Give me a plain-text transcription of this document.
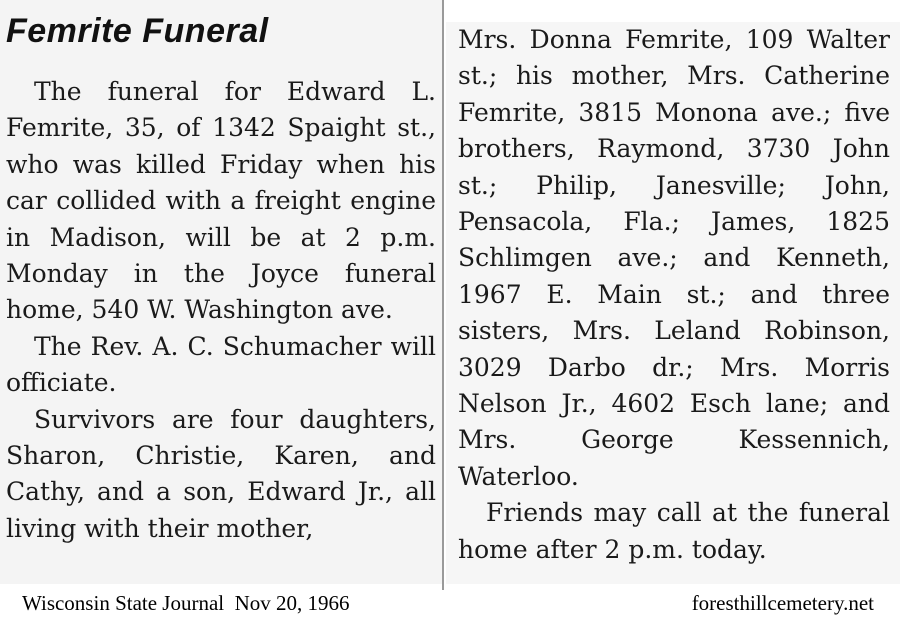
Femrite Funeral

The funeral for Edward L. Femrite, 35, of 1342 Spaight st., who was killed Friday when his car collided with a freight engine in Madison, will be at 2 p.m. Monday in the Joyce funeral home, 540 W. Washington ave.

The Rev. A. C. Schumacher will officiate.

Survivors are four daughters, Sharon, Christie, Karen, and Cathy, and a son, Edward Jr., all living with their mother,

Mrs. Donna Femrite, 109 Walter st.; his mother, Mrs. Catherine Femrite, 3815 Monona ave.; five brothers, Raymond, 3730 John st.; Philip, Janesville; John, Pensacola, Fla.; James, 1825 Schlimgen ave.; and Kenneth, 1967 E. Main st.; and three sisters, Mrs. Leland Robinson, 3029 Darbo dr.; Mrs. Morris Nelson Jr., 4602 Esch lane; and Mrs. George Kessennich, Waterloo.

Friends may call at the funeral home after 2 p.m. today.

Wisconsin State Journal  Nov 20, 1966	foresthillcemetery.net
